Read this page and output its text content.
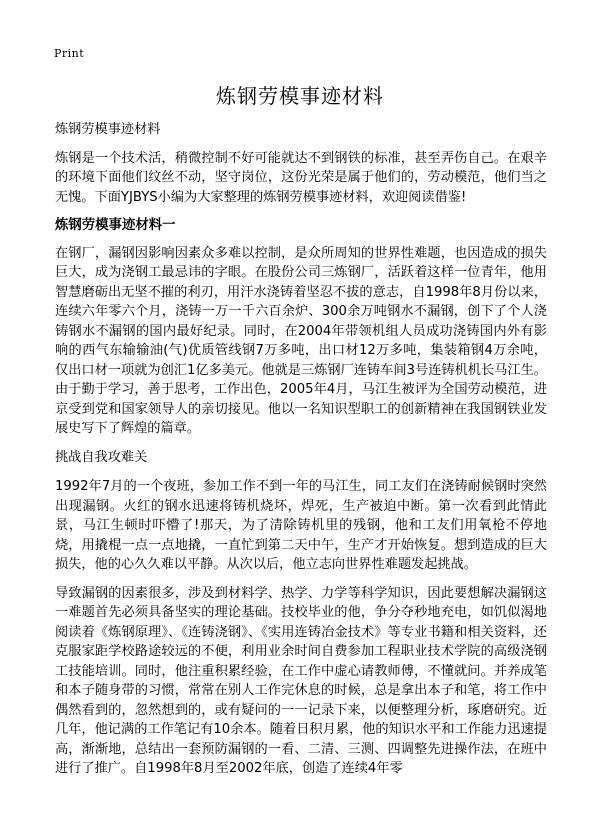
Print
炼钢劳模事迹材料

炼钢劳模事迹材料

炼钢是一个技术活，稍微控制不好可能就达不到钢铁的标准，甚至弄伤自己。在艰辛的环境下面他们纹丝不动，坚守岗位，这份光荣是属于他们的，劳动模范，他们当之无愧。下面YJBYS小编为大家整理的炼钢劳模事迹材料，欢迎阅读借鉴!

炼钢劳模事迹材料一

在钢厂，漏钢因影响因素众多难以控制，是众所周知的世界性难题，也因造成的损失巨大，成为浇钢工最忌讳的字眼。在股份公司三炼钢厂，活跃着这样一位青年，他用智慧磨砺出无坚不摧的利刃，用汗水浇铸着坚忍不拔的意志，自1998年8月份以来，连续六年零六个月，浇铸一万一千六百余炉、300余万吨钢水不漏钢，创下了个人浇铸钢水不漏钢的国内最好纪录。同时，在2004年带领机组人员成功浇铸国内外有影响的西气东输输油(气)优质管线钢7万多吨，出口材12万多吨，集装箱钢4万余吨，仅出口材一项就为创汇1亿多美元。他就是三炼钢厂连铸车间3号连铸机机长马江生。由于勤于学习，善于思考，工作出色，2005年4月，马江生被评为全国劳动模范，进京受到党和国家领导人的亲切接见。他以一名知识型职工的创新精神在我国钢铁业发展史写下了辉煌的篇章。

挑战自我攻难关

1992年7月的一个夜班，参加工作不到一年的马江生，同工友们在浇铸耐候钢时突然出现漏钢。火红的钢水迅速将铸机烧坏，焊死，生产被迫中断。第一次看到此情此景，马江生顿时吓懵了!那天，为了清除铸机里的残钢，他和工友们用氧枪不停地烧，用撬棍一点一点地撬，一直忙到第二天中午，生产才开始恢复。想到造成的巨大损失，他的心久久难以平静。从次以后，他立志向世界性难题发起挑战。

导致漏钢的因素很多，涉及到材料学、热学、力学等科学知识，因此要想解决漏钢这一难题首先必须具备坚实的理论基础。技校毕业的他，争分夺秒地充电，如饥似渴地阅读着《炼钢原理》、《连铸浇钢》、《实用连铸冶金技术》等专业书籍和相关资料，还克服家距学校路途较远的不便，利用业余时间自费参加工程职业技术学院的高级浇钢工技能培训。同时，他注重积累经验，在工作中虚心请教师傅，不懂就问。并养成笔和本子随身带的习惯，常常在别人工作完休息的时候，总是拿出本子和笔，将工作中偶然看到的，忽然想到的，或有疑问的一一记录下来，以便整理分析，琢磨研究。近几年，他记满的工作笔记有10余本。随着日积月累，他的知识水平和工作能力迅速提高，渐渐地，总结出一套预防漏钢的一看、二清、三测、四调整先进操作法，在班中进行了推广。自1998年8月至2002年底，创造了连续4年零
